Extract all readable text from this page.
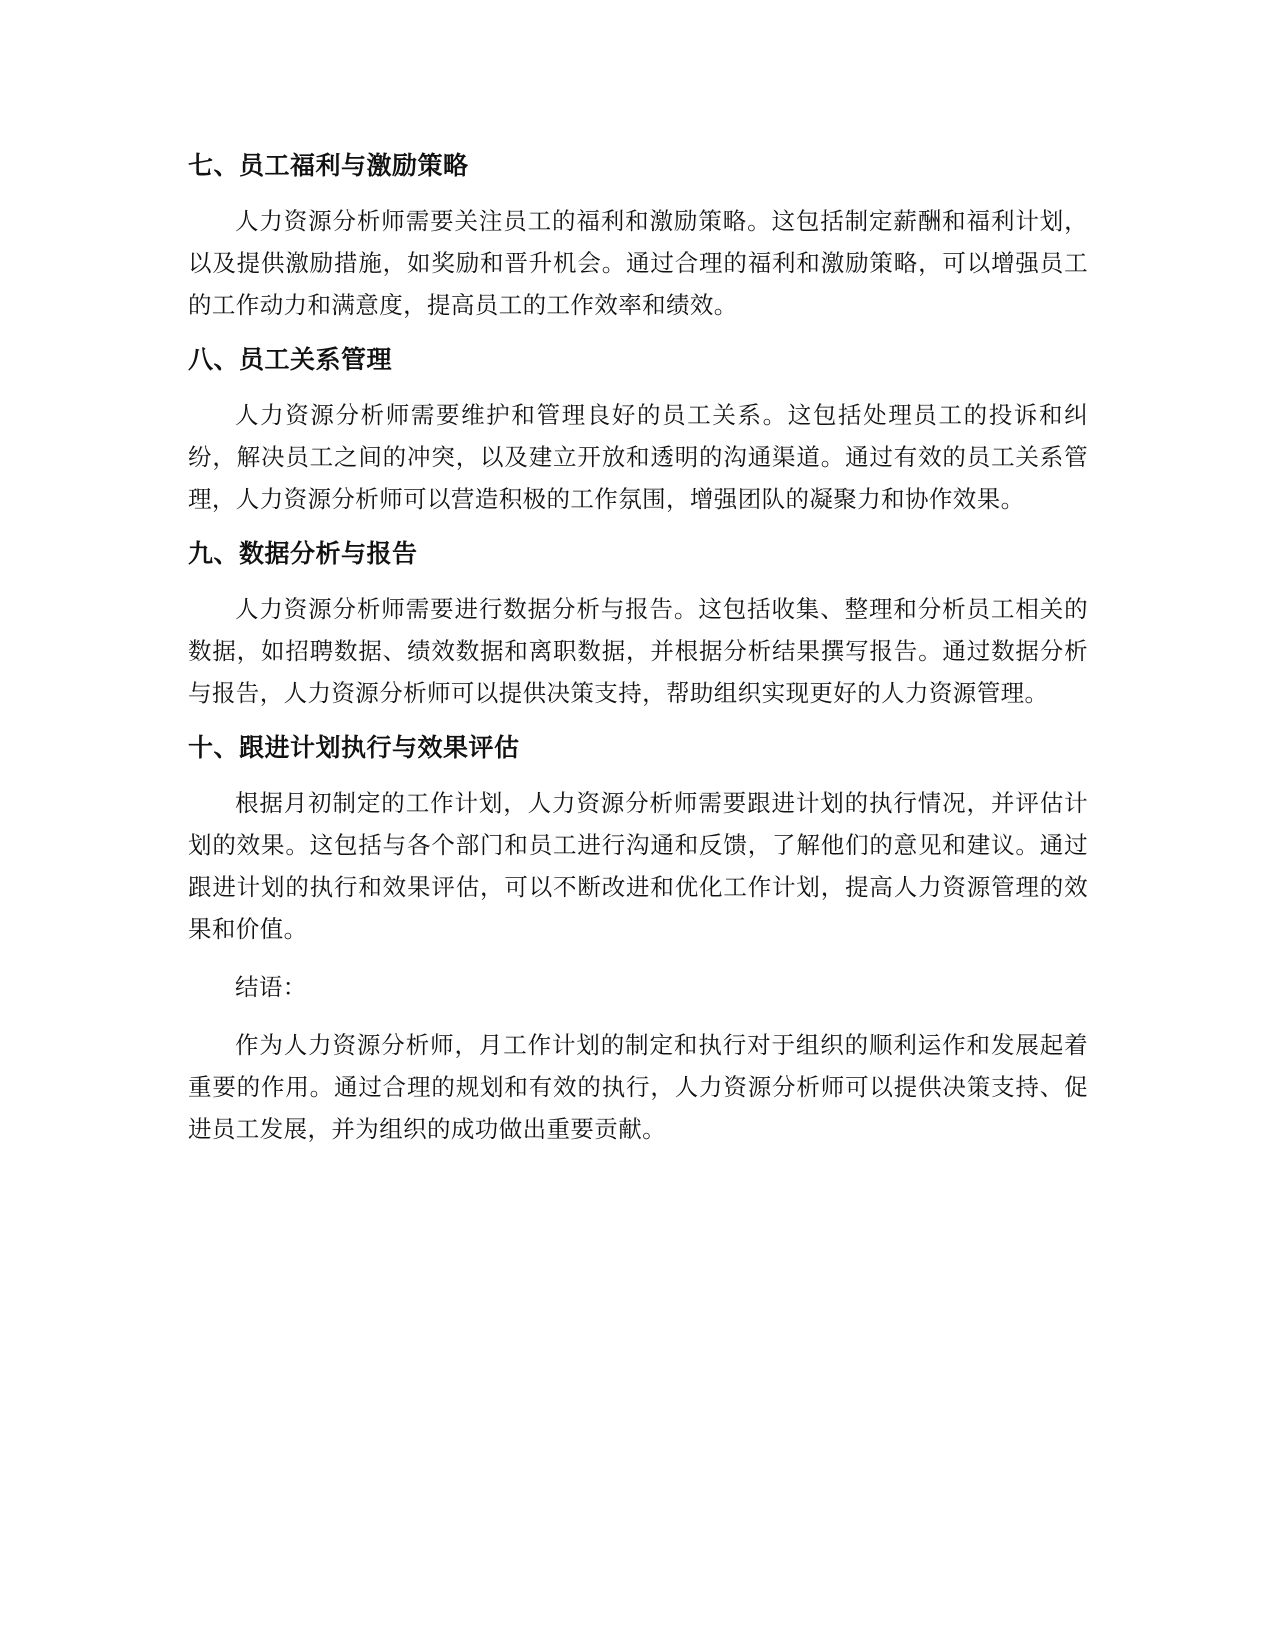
七、员工福利与激励策略

人力资源分析师需要关注员工的福利和激励策略。这包括制定薪酬和福利计划，以及提供激励措施，如奖励和晋升机会。通过合理的福利和激励策略，可以增强员工的工作动力和满意度，提高员工的工作效率和绩效。

八、员工关系管理

人力资源分析师需要维护和管理良好的员工关系。这包括处理员工的投诉和纠纷，解决员工之间的冲突，以及建立开放和透明的沟通渠道。通过有效的员工关系管理，人力资源分析师可以营造积极的工作氛围，增强团队的凝聚力和协作效果。

九、数据分析与报告

人力资源分析师需要进行数据分析与报告。这包括收集、整理和分析员工相关的数据，如招聘数据、绩效数据和离职数据，并根据分析结果撰写报告。通过数据分析与报告，人力资源分析师可以提供决策支持，帮助组织实现更好的人力资源管理。

十、跟进计划执行与效果评估

根据月初制定的工作计划，人力资源分析师需要跟进计划的执行情况，并评估计划的效果。这包括与各个部门和员工进行沟通和反馈，了解他们的意见和建议。通过跟进计划的执行和效果评估，可以不断改进和优化工作计划，提高人力资源管理的效果和价值。

结语：

作为人力资源分析师，月工作计划的制定和执行对于组织的顺利运作和发展起着重要的作用。通过合理的规划和有效的执行，人力资源分析师可以提供决策支持、促进员工发展，并为组织的成功做出重要贡献。
